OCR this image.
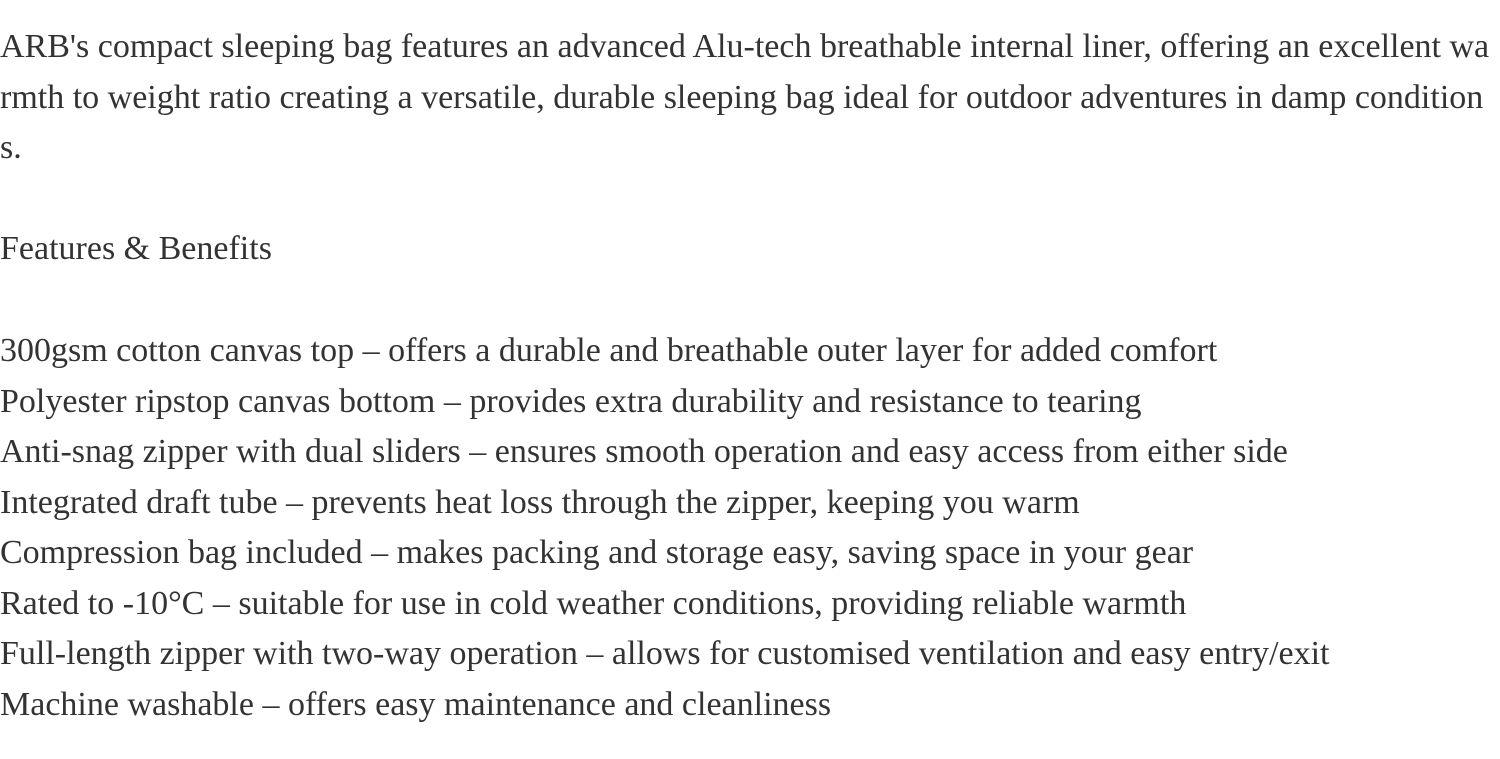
ARB's compact sleeping bag features an advanced Alu-tech breathable internal liner, offering an excellent warmth to weight ratio creating a versatile, durable sleeping bag ideal for outdoor adventures in damp conditions.

Features & Benefits
300gsm cotton canvas top – offers a durable and breathable outer layer for added comfort
Polyester ripstop canvas bottom – provides extra durability and resistance to tearing
Anti-snag zipper with dual sliders – ensures smooth operation and easy access from either side
Integrated draft tube – prevents heat loss through the zipper, keeping you warm
Compression bag included – makes packing and storage easy, saving space in your gear
Rated to -10°C – suitable for use in cold weather conditions, providing reliable warmth
Full-length zipper with two-way operation – allows for customised ventilation and easy entry/exit
Machine washable – offers easy maintenance and cleanliness
